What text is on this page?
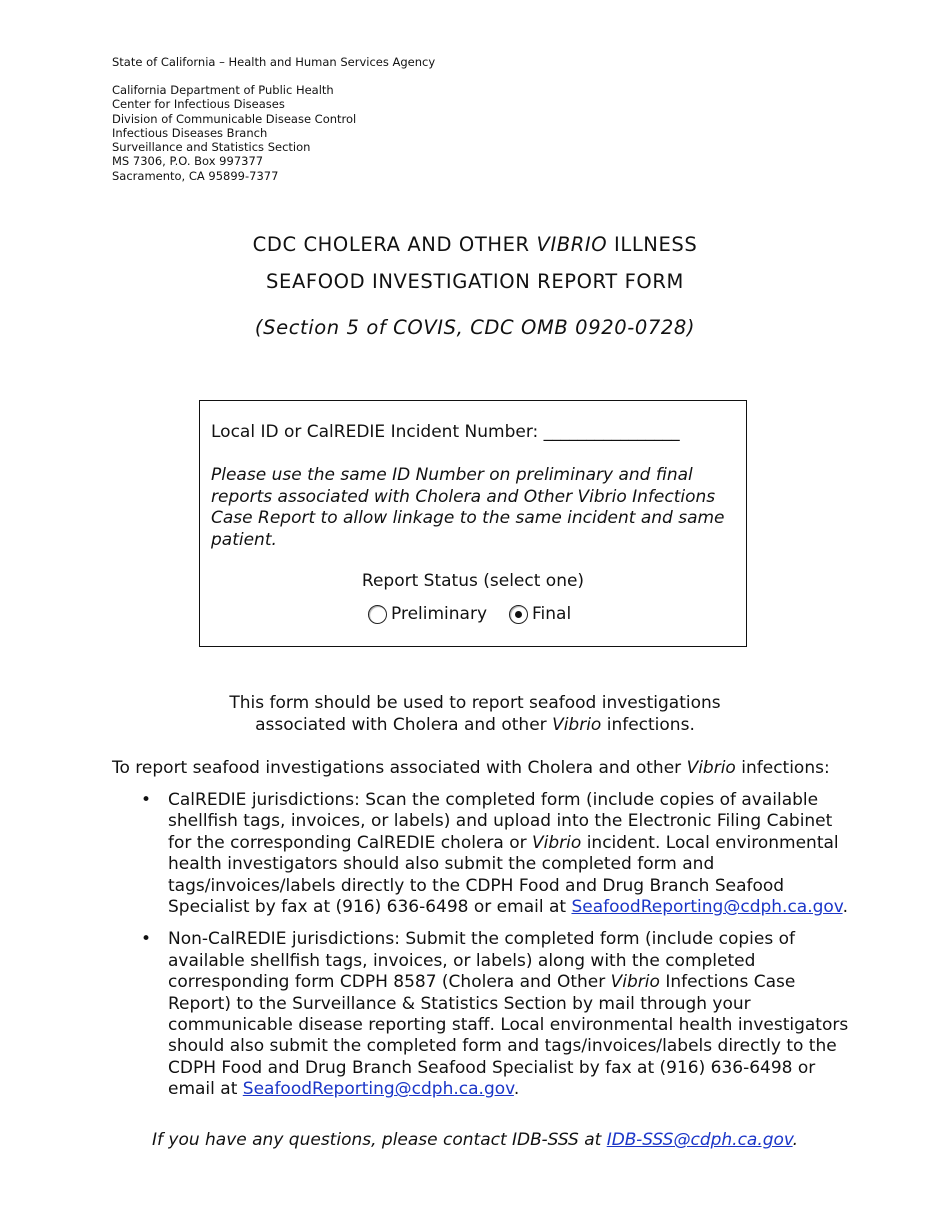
State of California – Health and Human Services Agency
California Department of Public Health
Center for Infectious Diseases
Division of Communicable Disease Control
Infectious Diseases Branch
Surveillance and Statistics Section
MS 7306, P.O. Box 997377
Sacramento, CA 95899-7377
CDC CHOLERA AND OTHER VIBRIO ILLNESS
SEAFOOD INVESTIGATION REPORT FORM
(Section 5 of COVIS, CDC OMB 0920-0728)
Local ID or CalREDIE Incident Number: ________________
Please use the same ID Number on preliminary and final reports associated with Cholera and Other Vibrio Infections Case Report to allow linkage to the same incident and same patient.
Report Status (select one)
Preliminary	Final
This form should be used to report seafood investigations
associated with Cholera and other Vibrio infections.
To report seafood investigations associated with Cholera and other Vibrio infections:
• CalREDIE jurisdictions: Scan the completed form (include copies of available shellfish tags, invoices, or labels) and upload into the Electronic Filing Cabinet for the corresponding CalREDIE cholera or Vibrio incident. Local environmental health investigators should also submit the completed form and tags/invoices/labels directly to the CDPH Food and Drug Branch Seafood Specialist by fax at (916) 636-6498 or email at SeafoodReporting@cdph.ca.gov.
• Non-CalREDIE jurisdictions: Submit the completed form (include copies of available shellfish tags, invoices, or labels) along with the completed corresponding form CDPH 8587 (Cholera and Other Vibrio Infections Case Report) to the Surveillance & Statistics Section by mail through your communicable disease reporting staff. Local environmental health investigators should also submit the completed form and tags/invoices/labels directly to the CDPH Food and Drug Branch Seafood Specialist by fax at (916) 636-6498 or email at SeafoodReporting@cdph.ca.gov.
If you have any questions, please contact IDB-SSS at IDB-SSS@cdph.ca.gov.
